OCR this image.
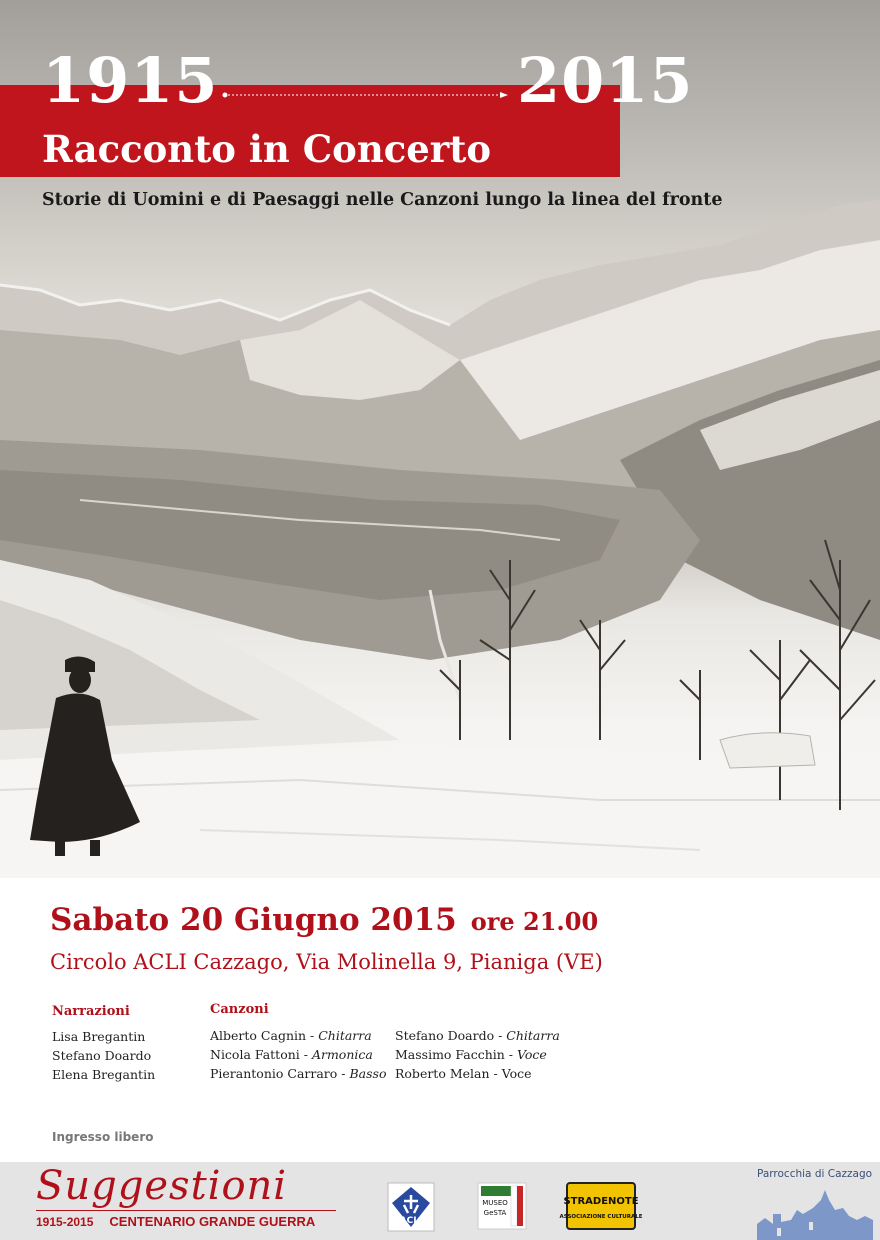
1915	2015
Racconto in Concerto
Storie di Uomini e di Paesaggi nelle Canzoni lungo la linea del fronte
Sabato 20 Giugno 2015 ore 21.00
Circolo ACLI Cazzago, Via Molinella 9, Pianiga (VE)
Narrazioni
Lisa Bregantin
Stefano Doardo
Elena Bregantin
Canzoni
Alberto Cagnin - Chitarra
Nicola Fattoni - Armonica
Pierantonio Carraro - Basso
Stefano Doardo - Chitarra
Massimo Facchin - Voce
Roberto Melan - Voce
Ingresso libero
Suggestioni
1915-2015 CENTENARIO GRANDE GUERRA	ACLI
MUSEO
GeSTA
STRADENOTE
ASSOCIAZIONE CULTURALE
Parrocchia di Cazzago
